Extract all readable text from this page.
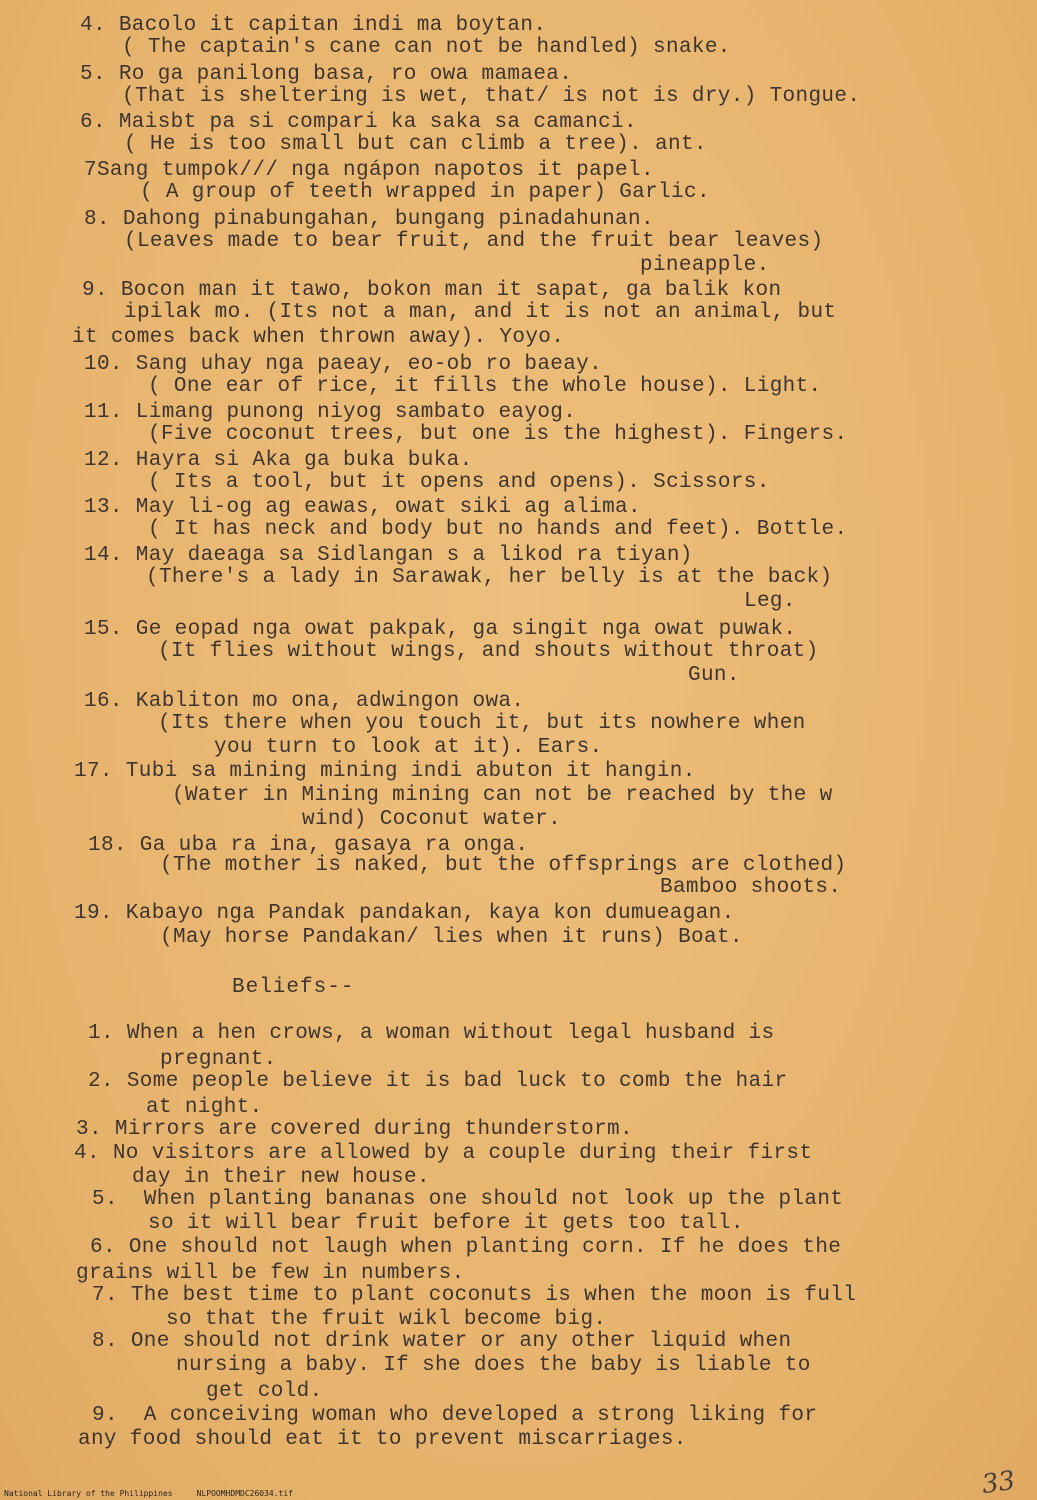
4. Bacolo it capitan indi ma boytan.
( The captain's cane can not be handled) snake.
5. Ro ga panilong basa, ro owa mamaea.
(That is sheltering is wet, that/ is not is dry.) Tongue.
6. Maisbt pa si compari ka saka sa camanci.
( He is too small but can climb a tree). ant.
7Sang tumpok/// nga ngápon napotos it papel.
( A group of teeth wrapped in paper) Garlic.
8. Dahong pinabungahan, bungang pinadahunan.
(Leaves made to bear fruit, and the fruit bear leaves)
pineapple.
9. Bocon man it tawo, bokon man it sapat, ga balik kon
ipilak mo. (Its not a man, and it is not an animal, but
it comes back when thrown away). Yoyo.
10. Sang uhay nga paeay, eo-ob ro baeay.
( One ear of rice, it fills the whole house). Light.
11. Limang punong niyog sambato eayog.
(Five coconut trees, but one is the highest). Fingers.
12. Hayra si Aka ga buka buka.
( Its a tool, but it opens and opens). Scissors.
13. May li-og ag eawas, owat siki ag alima.
( It has neck and body but no hands and feet). Bottle.
14. May daeaga sa Sidlangan s a likod ra tiyan)
(There's a lady in Sarawak, her belly is at the back)
Leg.
15. Ge eopad nga owat pakpak, ga singit nga owat puwak.
(It flies without wings, and shouts without throat)
Gun.
16. Kabliton mo ona, adwingon owa.
(Its there when you touch it, but its nowhere when
you turn to look at it). Ears.
17. Tubi sa mining mining indi abuton it hangin.
(Water in Mining mining can not be reached by the w
wind) Coconut water.
18. Ga uba ra ina, gasaya ra onga.
(The mother is naked, but the offsprings are clothed)
Bamboo shoots.
19. Kabayo nga Pandak pandakan, kaya kon dumueagan.
(May horse Pandakan/ lies when it runs) Boat.
Beliefs--
1. When a hen crows, a woman without legal husband is
pregnant.
2. Some people believe it is bad luck to comb the hair
at night.
3. Mirrors are covered during thunderstorm.
4. No visitors are allowed by a couple during their first
day in their new house.
5.  When planting bananas one should not look up the plant
so it will bear fruit before it gets too tall.
6. One should not laugh when planting corn. If he does the
grains will be few in numbers.
7. The best time to plant coconuts is when the moon is full
so that the fruit wikl become big.
8. One should not drink water or any other liquid when
nursing a baby. If she does the baby is liable to
get cold.
9.  A conceiving woman who developed a strong liking for
any food should eat it to prevent miscarriages.
National Library of the Philippines     NLPOOMHDMDC26034.tif	33
